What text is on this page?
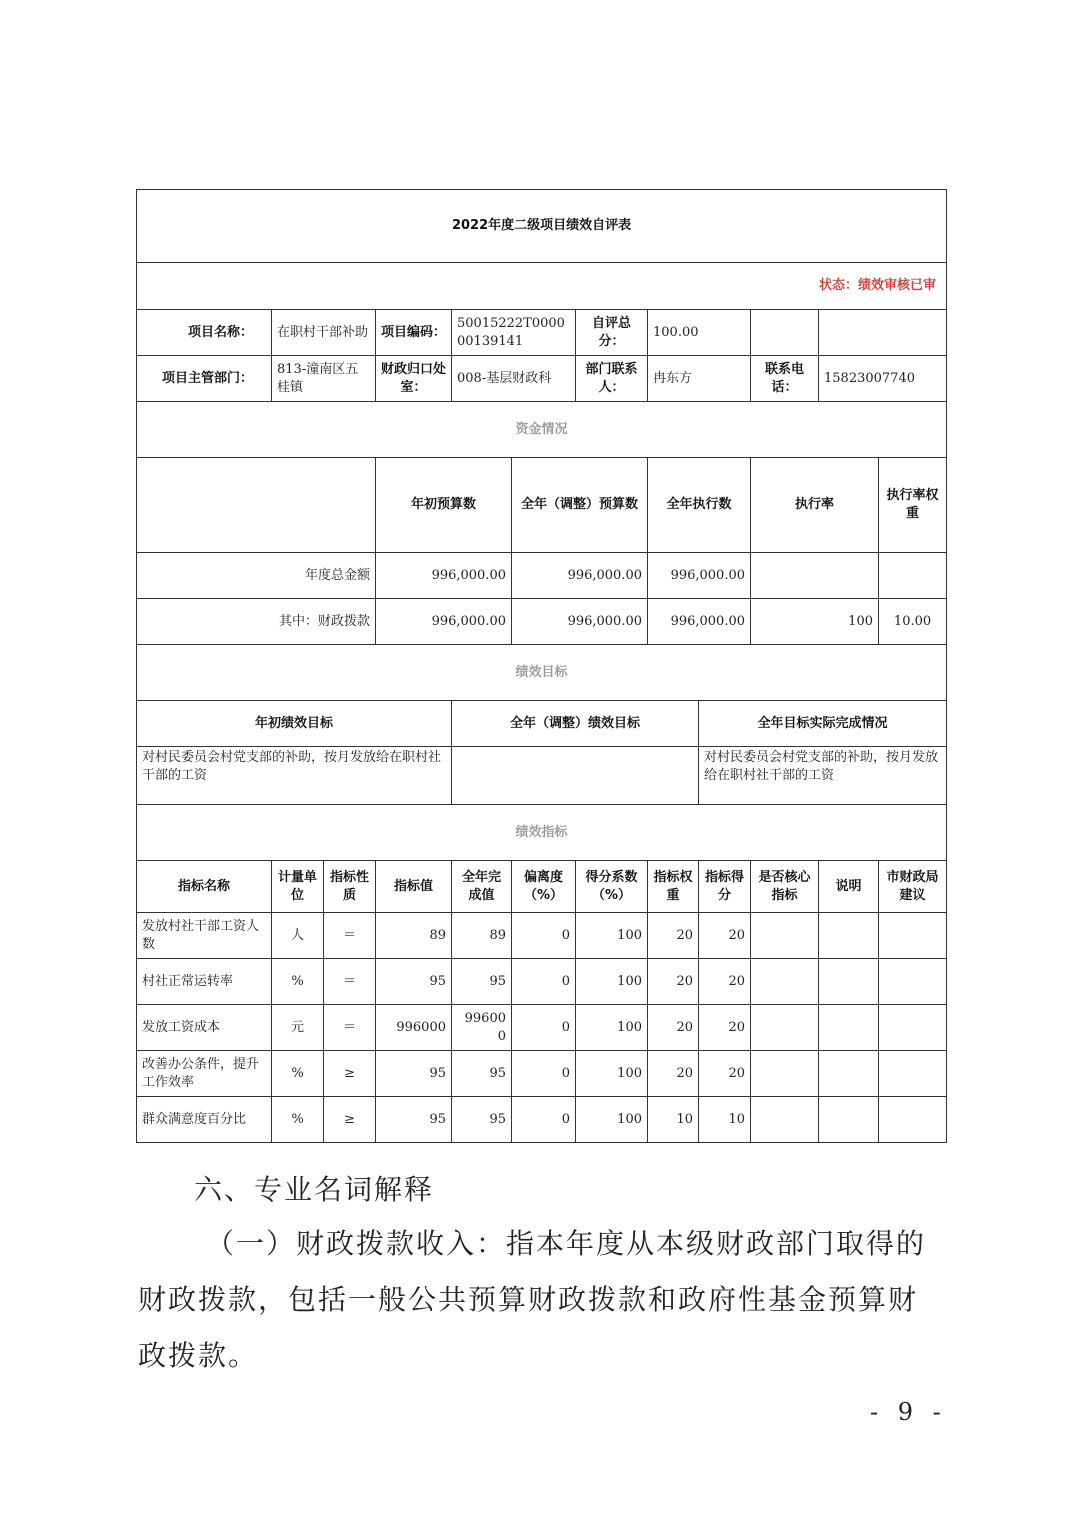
2022年度二级项目绩效自评表												
状态：绩效审核已审												
项目名称：	在职村干部补助		项目编码：	50015222T000000139141		自评总分：	100.00					
项目主管部门：	813-潼南区五桂镇		财政归口处室：	008-基层财政科		部门联系人：	冉东方		联系电话：	15823007740		
资金情况												
			年初预算数		全年（调整）预算数		全年执行数		执行率		执行率权重	
年度总金额			996,000.00		996,000.00		996,000.00					
其中：财政拨款			996,000.00		996,000.00		996,000.00		100		10.00	
绩效目标												
年初绩效目标				全年（调整）绩效目标				全年目标实际完成情况				
对村民委员会村党支部的补助，按月发放给在职村社干部的工资								对村民委员会村党支部的补助，按月发放给在职村社干部的工资				
绩效指标												
指标名称	计量单位	指标性质	指标值	全年完成值	偏离度（%）	得分系数（%）	指标权重	指标得分	是否核心指标	说明	市财政局建议	
发放村社干部工资人数	人	＝	89	89	0	100	20	20				
村社正常运转率	%	＝	95	95	0	100	20	20				
发放工资成本	元	＝	996000	996000	0	100	20	20				
改善办公条件，提升工作效率	%	≥	95	95	0	100	20	20				
群众满意度百分比	%	≥	95	95	0	100	10	10				
六、专业名词解释
（一）财政拨款收入：指本年度从本级财政部门取得的财政拨款，包括一般公共预算财政拨款和政府性基金预算财政拨款。
- 9 -
